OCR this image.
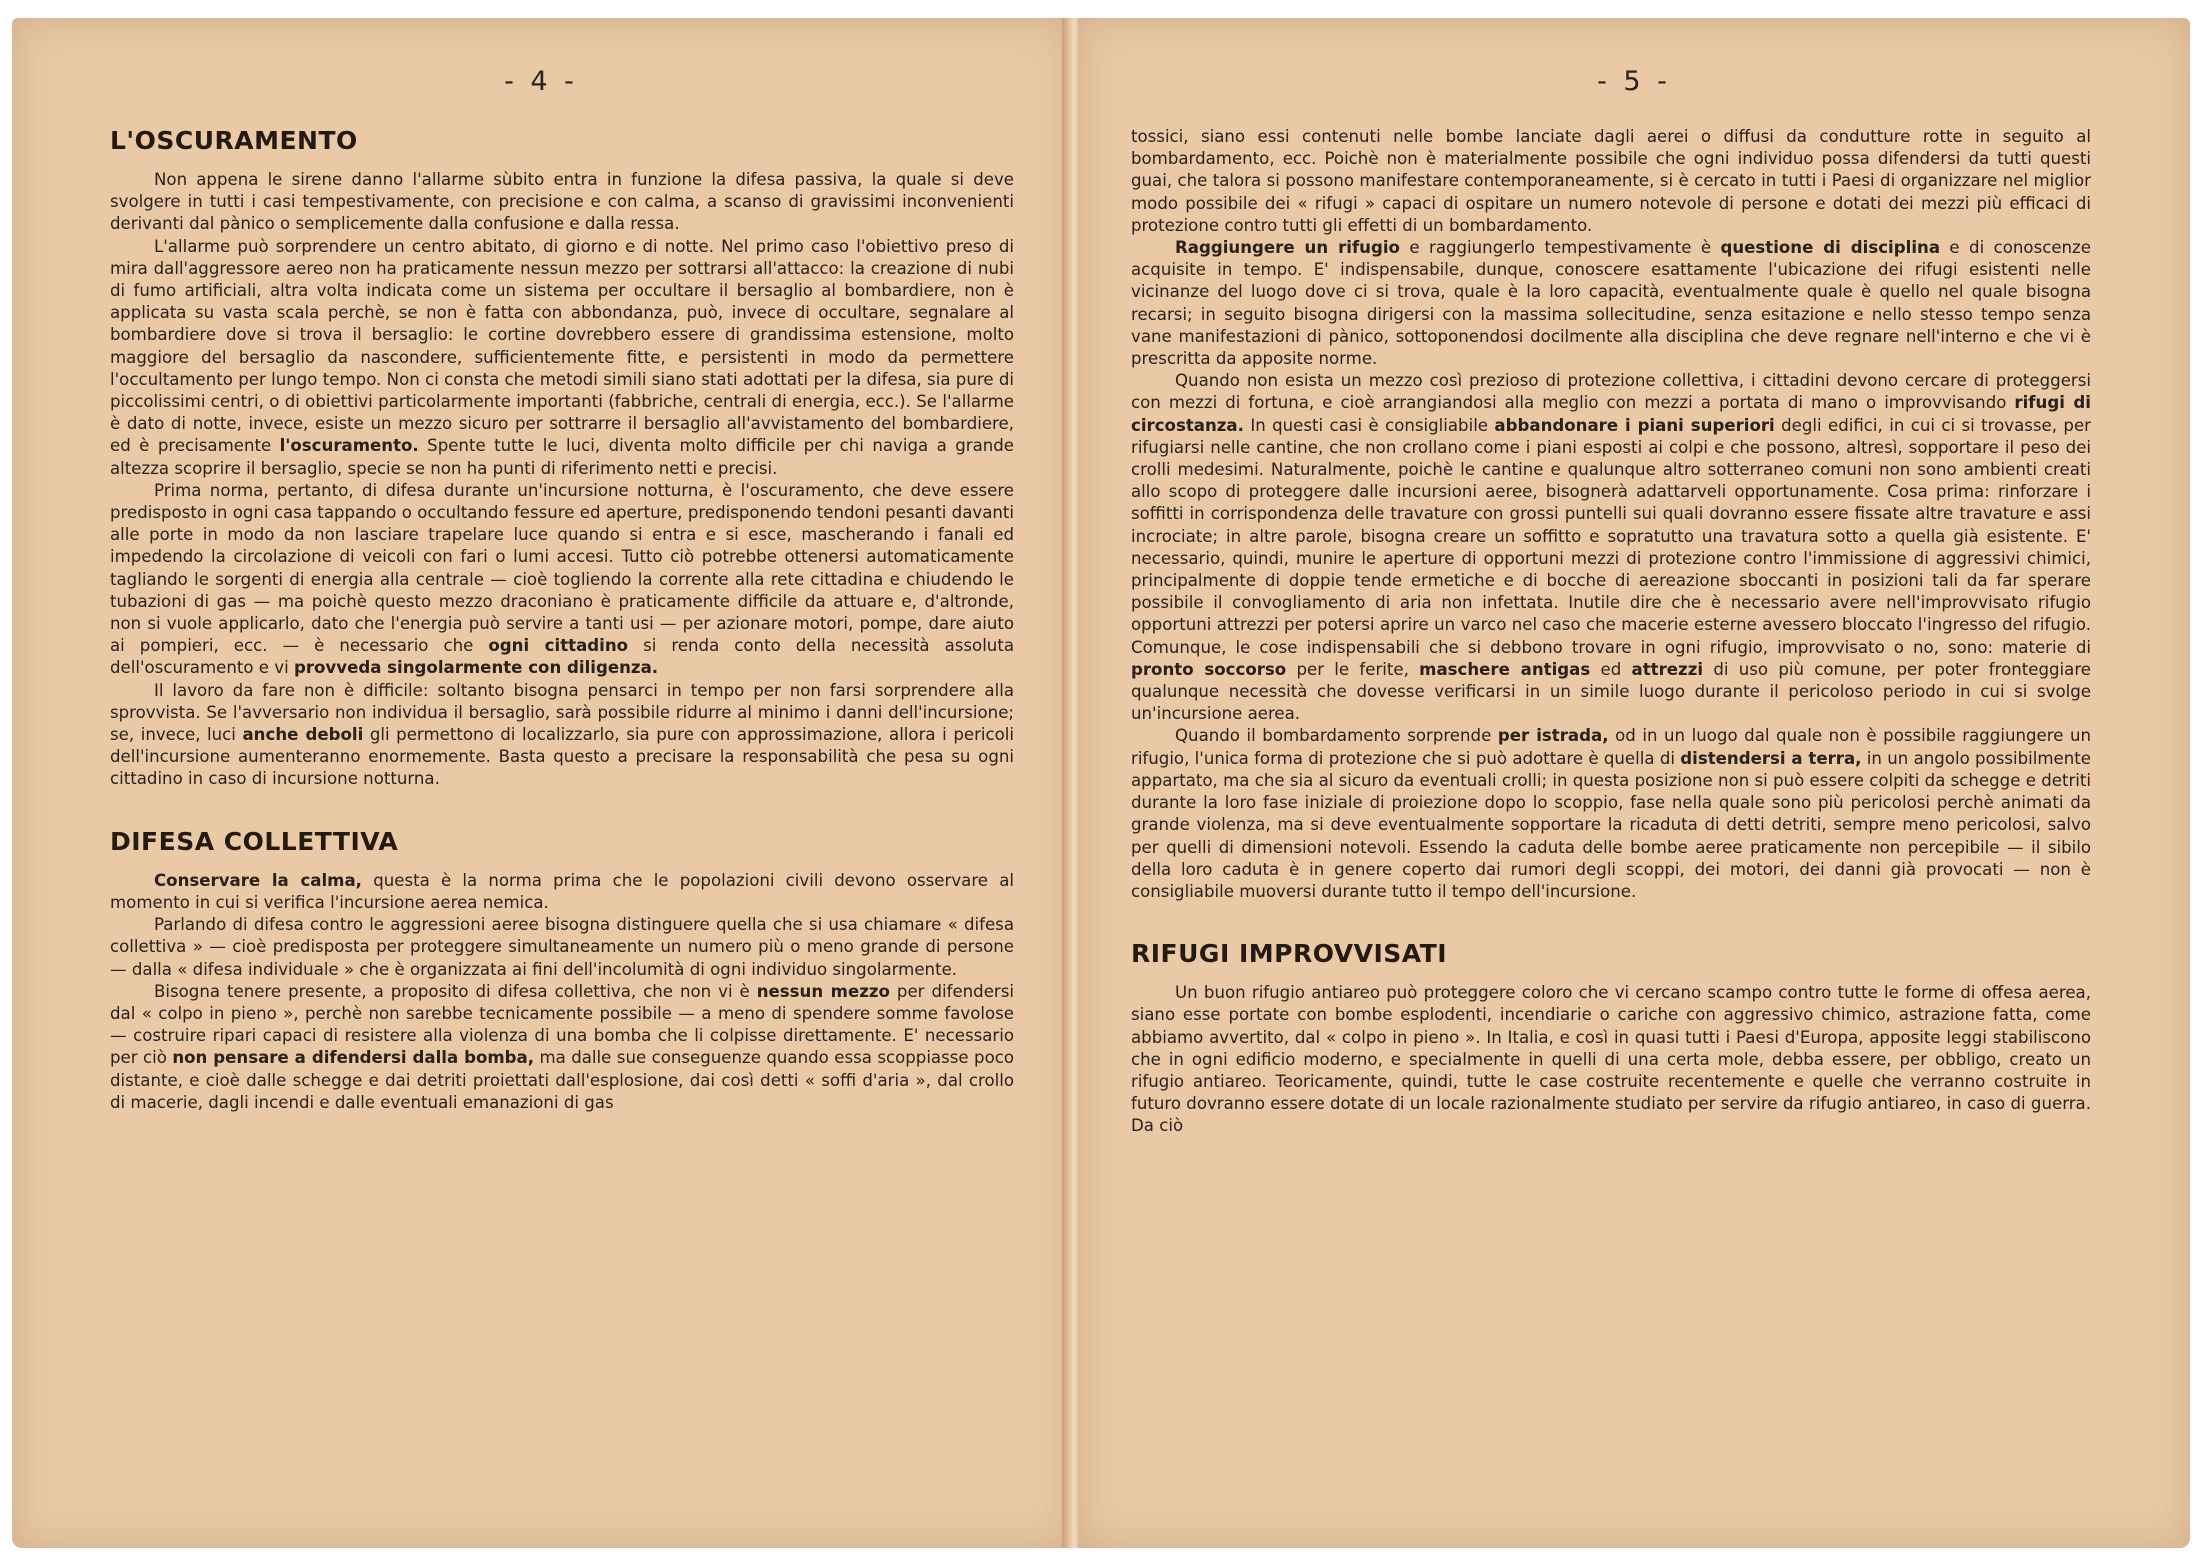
- 4 -
L'OSCURAMENTO

Non appena le sirene danno l'allarme sùbito entra in funzione la difesa passiva, la quale si deve svolgere in tutti i casi tempestivamente, con precisione e con calma, a scanso di gravissimi inconvenienti derivanti dal pànico o semplicemente dalla confusione e dalla ressa.

L'allarme può sorprendere un centro abitato, di giorno e di notte. Nel primo caso l'obiettivo preso di mira dall'aggressore aereo non ha praticamente nessun mezzo per sottrarsi all'attacco: la creazione di nubi di fumo artificiali, altra volta indicata come un sistema per occultare il bersaglio al bombardiere, non è applicata su vasta scala perchè, se non è fatta con abbondanza, può, invece di occultare, segnalare al bombardiere dove si trova il bersaglio: le cortine dovrebbero essere di grandissima estensione, molto maggiore del bersaglio da nascondere, sufficientemente fitte, e persistenti in modo da permettere l'occultamento per lungo tempo. Non ci consta che metodi simili siano stati adottati per la difesa, sia pure di piccolissimi centri, o di obiettivi particolarmente importanti (fabbriche, centrali di energia, ecc.). Se l'allarme è dato di notte, invece, esiste un mezzo sicuro per sottrarre il bersaglio all'avvistamento del bombardiere, ed è precisamente l'oscuramento. Spente tutte le luci, diventa molto difficile per chi naviga a grande altezza scoprire il bersaglio, specie se non ha punti di riferimento netti e precisi.

Prima norma, pertanto, di difesa durante un'incursione notturna, è l'oscuramento, che deve essere predisposto in ogni casa tappando o occultando fessure ed aperture, predisponendo tendoni pesanti davanti alle porte in modo da non lasciare trapelare luce quando si entra e si esce, mascherando i fanali ed impedendo la circolazione di veicoli con fari o lumi accesi. Tutto ciò potrebbe ottenersi automaticamente tagliando le sorgenti di energia alla centrale — cioè togliendo la corrente alla rete cittadina e chiudendo le tubazioni di gas — ma poichè questo mezzo draconiano è praticamente difficile da attuare e, d'altronde, non si vuole applicarlo, dato che l'energia può servire a tanti usi — per azionare motori, pompe, dare aiuto ai pompieri, ecc. — è necessario che ogni cittadino si renda conto della necessità assoluta dell'oscuramento e vi provveda singolarmente con diligenza.

Il lavoro da fare non è difficile: soltanto bisogna pensarci in tempo per non farsi sorprendere alla sprovvista. Se l'avversario non individua il bersaglio, sarà possibile ridurre al minimo i danni dell'incursione; se, invece, luci anche deboli gli permettono di localizzarlo, sia pure con approssimazione, allora i pericoli dell'incursione aumenteranno enormemente. Basta questo a precisare la responsabilità che pesa su ogni cittadino in caso di incursione notturna.

DIFESA COLLETTIVA

Conservare la calma, questa è la norma prima che le popolazioni civili devono osservare al momento in cui si verifica l'incursione aerea nemica.

Parlando di difesa contro le aggressioni aeree bisogna distinguere quella che si usa chiamare « difesa collettiva » — cioè predisposta per proteggere simultaneamente un numero più o meno grande di persone — dalla « difesa individuale » che è organizzata ai fini dell'incolumità di ogni individuo singolarmente.

Bisogna tenere presente, a proposito di difesa collettiva, che non vi è nessun mezzo per difendersi dal « colpo in pieno », perchè non sarebbe tecnicamente possibile — a meno di spendere somme favolose — costruire ripari capaci di resistere alla violenza di una bomba che li colpisse direttamente. E' necessario per ciò non pensare a difendersi dalla bomba, ma dalle sue conseguenze quando essa scoppiasse poco distante, e cioè dalle schegge e dai detriti proiettati dall'esplosione, dai così detti « soffi d'aria », dal crollo di macerie, dagli incendi e dalle eventuali emanazioni di gas

- 5 -

tossici, siano essi contenuti nelle bombe lanciate dagli aerei o diffusi da condutture rotte in seguito al bombardamento, ecc. Poichè non è materialmente possibile che ogni individuo possa difendersi da tutti questi guai, che talora si possono manifestare contemporaneamente, si è cercato in tutti i Paesi di organizzare nel miglior modo possibile dei « rifugi » capaci di ospitare un numero notevole di persone e dotati dei mezzi più efficaci di protezione contro tutti gli effetti di un bombardamento.

Raggiungere un rifugio e raggiungerlo tempestivamente è questione di disciplina e di conoscenze acquisite in tempo. E' indispensabile, dunque, conoscere esattamente l'ubicazione dei rifugi esistenti nelle vicinanze del luogo dove ci si trova, quale è la loro capacità, eventualmente quale è quello nel quale bisogna recarsi; in seguito bisogna dirigersi con la massima sollecitudine, senza esitazione e nello stesso tempo senza vane manifestazioni di pànico, sottoponendosi docilmente alla disciplina che deve regnare nell'interno e che vi è prescritta da apposite norme.

Quando non esista un mezzo così prezioso di protezione collettiva, i cittadini devono cercare di proteggersi con mezzi di fortuna, e cioè arrangiandosi alla meglio con mezzi a portata di mano o improvvisando rifugi di circostanza. In questi casi è consigliabile abbandonare i piani superiori degli edifici, in cui ci si trovasse, per rifugiarsi nelle cantine, che non crollano come i piani esposti ai colpi e che possono, altresì, sopportare il peso dei crolli medesimi. Naturalmente, poichè le cantine e qualunque altro sotterraneo comuni non sono ambienti creati allo scopo di proteggere dalle incursioni aeree, bisognerà adattarveli opportunamente. Cosa prima: rinforzare i soffitti in corrispondenza delle travature con grossi puntelli sui quali dovranno essere fissate altre travature e assi incrociate; in altre parole, bisogna creare un soffitto e sopratutto una travatura sotto a quella già esistente. E' necessario, quindi, munire le aperture di opportuni mezzi di protezione contro l'immissione di aggressivi chimici, principalmente di doppie tende ermetiche e di bocche di aereazione sboccanti in posizioni tali da far sperare possibile il convogliamento di aria non infettata. Inutile dire che è necessario avere nell'improvvisato rifugio opportuni attrezzi per potersi aprire un varco nel caso che macerie esterne avessero bloccato l'ingresso del rifugio. Comunque, le cose indispensabili che si debbono trovare in ogni rifugio, improvvisato o no, sono: materie di pronto soccorso per le ferite, maschere antigas ed attrezzi di uso più comune, per poter fronteggiare qualunque necessità che dovesse verificarsi in un simile luogo durante il pericoloso periodo in cui si svolge un'incursione aerea.

Quando il bombardamento sorprende per istrada, od in un luogo dal quale non è possibile raggiungere un rifugio, l'unica forma di protezione che si può adottare è quella di distendersi a terra, in un angolo possibilmente appartato, ma che sia al sicuro da eventuali crolli; in questa posizione non si può essere colpiti da schegge e detriti durante la loro fase iniziale di proiezione dopo lo scoppio, fase nella quale sono più pericolosi perchè animati da grande violenza, ma si deve eventualmente sopportare la ricaduta di detti detriti, sempre meno pericolosi, salvo per quelli di dimensioni notevoli. Essendo la caduta delle bombe aeree praticamente non percepibile — il sibilo della loro caduta è in genere coperto dai rumori degli scoppi, dei motori, dei danni già provocati — non è consigliabile muoversi durante tutto il tempo dell'incursione.

RIFUGI IMPROVVISATI

Un buon rifugio antiareo può proteggere coloro che vi cercano scampo contro tutte le forme di offesa aerea, siano esse portate con bombe esplodenti, incendiarie o cariche con aggressivo chimico, astrazione fatta, come abbiamo avvertito, dal « colpo in pieno ». In Italia, e così in quasi tutti i Paesi d'Europa, apposite leggi stabiliscono che in ogni edificio moderno, e specialmente in quelli di una certa mole, debba essere, per obbligo, creato un rifugio antiareo. Teoricamente, quindi, tutte le case costruite recentemente e quelle che verranno costruite in futuro dovranno essere dotate di un locale razionalmente studiato per servire da rifugio antiareo, in caso di guerra. Da ciò
